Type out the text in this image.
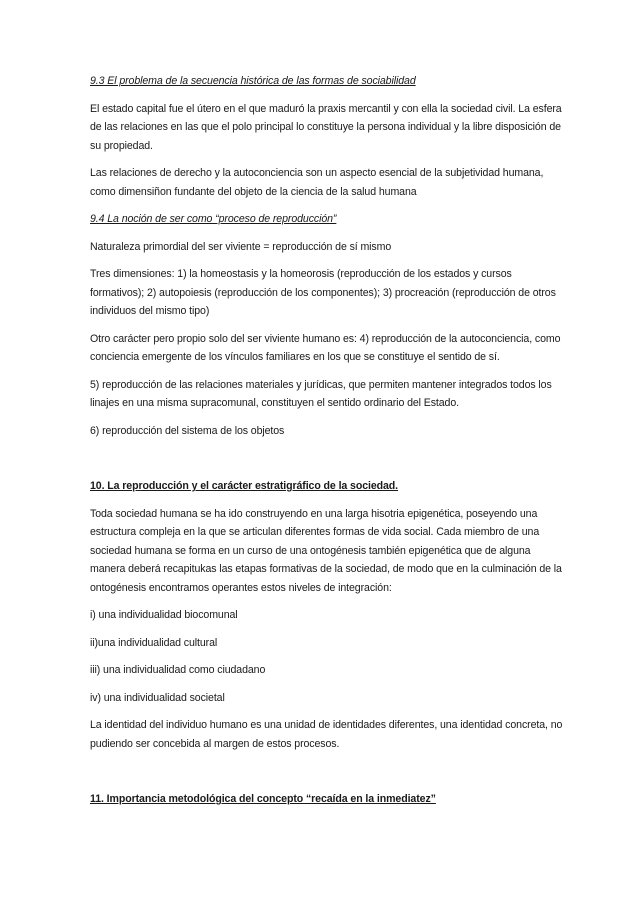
9.3 El problema de la secuencia histórica de las formas de sociabilidad

El estado capital fue el útero en el que maduró la praxis mercantil y con ella la sociedad civil. La esfera de las relaciones en las que el polo principal lo constituye la persona individual y la libre disposición de su propiedad.

Las relaciones de derecho y la autoconciencia son un aspecto esencial de la subjetividad humana, como dimensiñon fundante del objeto de la ciencia de la salud humana

9.4 La noción de ser como “proceso de reproducción”

Naturaleza primordial del ser viviente = reproducción de sí mismo

Tres dimensiones: 1) la homeostasis y la homeorosis (reproducción de los estados y cursos formativos); 2) autopoiesis (reproducción de los componentes); 3) procreación (reproducción de otros individuos del mismo tipo)

Otro carácter pero propio solo del ser viviente humano es: 4) reproducción de la autoconciencia, como conciencia emergente de los vínculos familiares en los que se constituye el sentido de sí.

5) reproducción de las relaciones materiales y jurídicas, que permiten mantener integrados todos los linajes en una misma supracomunal, constituyen el sentido ordinario del Estado.

6) reproducción del sistema de los objetos

10. La reproducción y el carácter estratigráfico de la sociedad.

Toda sociedad humana se ha ido construyendo en una larga hisotria epigenética, poseyendo una estructura compleja en la que se articulan diferentes formas de vida social. Cada miembro de una sociedad humana se forma en un curso de una ontogénesis también epigenética que de alguna manera deberá recapitukas las etapas formativas de la sociedad, de modo que en la culminación de la ontogénesis encontramos operantes estos niveles de integración:

i) una individualidad biocomunal

ii)una individualidad cultural

iii) una individualidad como ciudadano

iv) una individualidad societal

La identidad del individuo humano es una unidad de identidades diferentes, una identidad concreta, no pudiendo ser concebida al margen de estos procesos.

11. Importancia metodológica del concepto “recaída en la inmediatez”
